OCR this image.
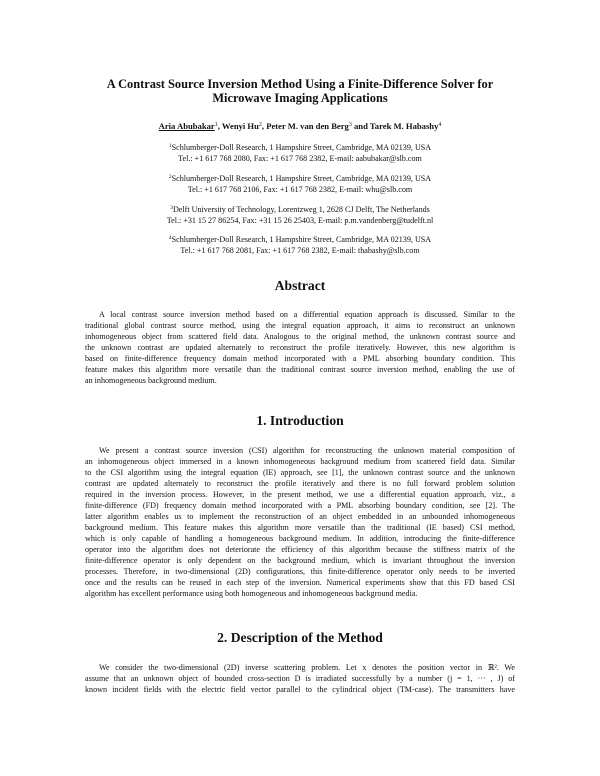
A Contrast Source Inversion Method Using a Finite-Difference Solver for
Microwave Imaging Applications
Aria Abubakar$^1$, Wenyi Hu$^2$, Peter M. van den Berg$^3$ and Tarek M. Habashy$^4$
$^1$Schlumberger-Doll Research, 1 Hampshire Street, Cambridge, MA 02139, USA
Tel.: +1 617 768 2080, Fax: +1 617 768 2382, E-mail: aabubakar@slb.com
$^2$Schlumberger-Doll Research, 1 Hampshire Street, Cambridge, MA 02139, USA
Tel.: +1 617 768 2106, Fax: +1 617 768 2382, E-mail: whu@slb.com
$^3$Delft University of Technology, Lorentzweg 1, 2628 CJ Delft, The Netherlands
Tel.: +31 15 27 86254, Fax: +31 15 26 25403, E-mail: p.m.vandenberg@tudelft.nl
$^4$Schlumberger-Doll Research, 1 Hampshire Street, Cambridge, MA 02139, USA
Tel.: +1 617 768 2081, Fax: +1 617 768 2382, E-mail: thabashy@slb.com
Abstract
A local contrast source inversion method based on a differential equation approach is discussed. Similar to the
traditional global contrast source method, using the integral equation approach, it aims to reconstruct an unknown
inhomogeneous object from scattered field data. Analogous to the original method, the unknown contrast source and
the unknown contrast are updated alternately to reconstruct the profile iteratively. However, this new algorithm is
based on finite-difference frequency domain method incorporated with a PML absorbing boundary condition. This
feature makes this algorithm more versatile than the traditional contrast source inversion method, enabling the use of
an inhomogeneous background medium.
1. Introduction
We present a contrast source inversion (CSI) algorithm for reconstructing the unknown material composition of
an inhomogeneous object immersed in a known inhomogeneous background medium from scattered field data. Similar
to the CSI algorithm using the integral equation (IE) approach, see [1], the unknown contrast source and the unknown
contrast are updated alternately to reconstruct the profile iteratively and there is no full forward problem solution
required in the inversion process. However, in the present method, we use a differential equation approach, viz., a
finite-difference (FD) frequency domain method incorporated with a PML absorbing boundary condition, see [2]. The
latter algorithm enables us to implement the reconstruction of an object embedded in an unbounded inhomogeneous
background medium. This feature makes this algorithm more versatile than the traditional (IE based) CSI method,
which is only capable of handling a homogeneous background medium. In addition, introducing the finite-difference
operator into the algorithm does not deteriorate the efficiency of this algorithm because the stiffness matrix of the
finite-difference operator is only dependent on the background medium, which is invariant throughout the inversion
processes. Therefore, in two-dimensional (2D) configurations, this finite-difference operator only needs to be inverted
once and the results can be reused in each step of the inversion. Numerical experiments show that this FD based CSI
algorithm has excellent performance using both homogeneous and inhomogeneous background media.
2. Description of the Method
We consider the two-dimensional (2D) inverse scattering problem. Let x denotes the position vector in ℝ². We
assume that an unknown object of bounded cross-section D is irradiated successfully by a number (j = 1, ··· , J) of
known incident fields with the electric field vector parallel to the cylindrical object (TM-case). The transmitters have
